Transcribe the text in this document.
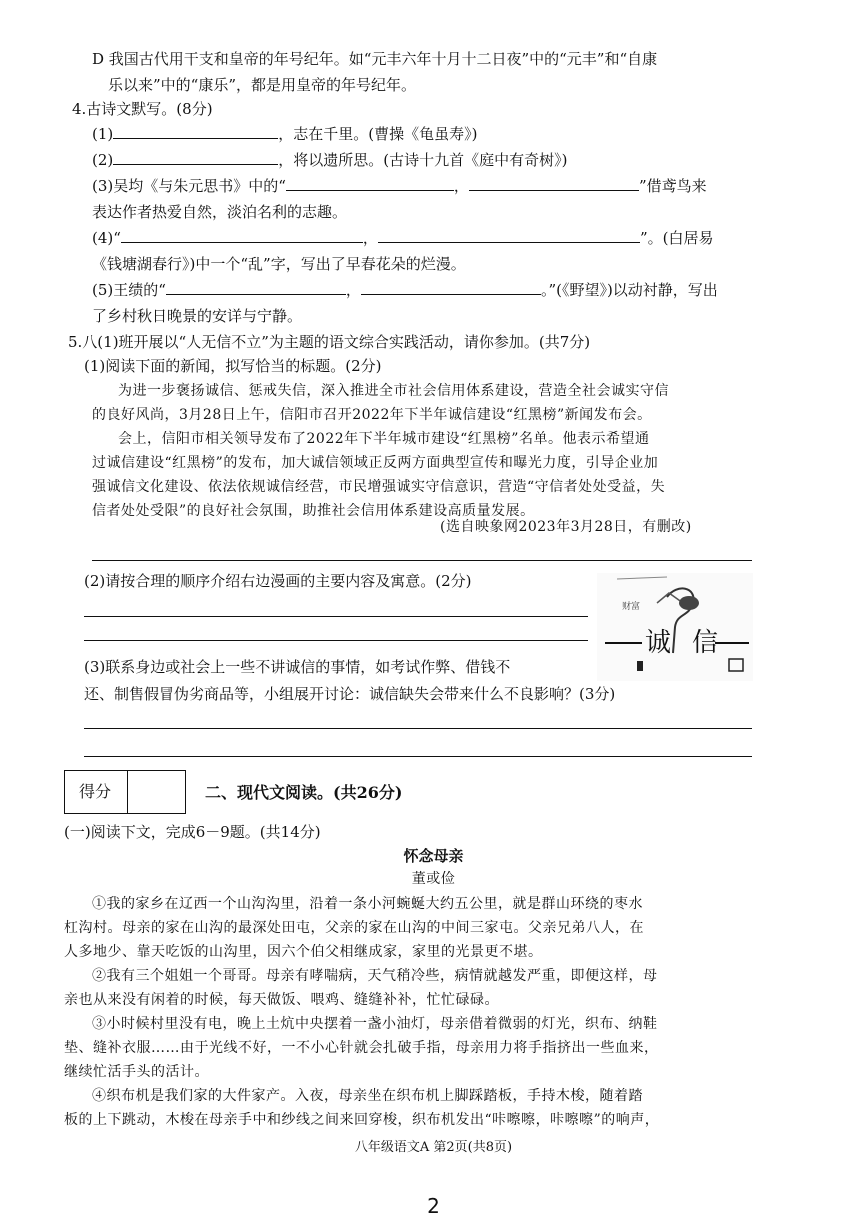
D 我国古代用干支和皇帝的年号纪年。如“元丰六年十月十二日夜”中的“元丰”和“自康
乐以来”中的“康乐”，都是用皇帝的年号纪年。
4.古诗文默写。(8分)
(1)	，志在千里。(曹操《龟虽寿》)
(2)	，将以遗所思。(古诗十九首《庭中有奇树》)
(3)吴均《与朱元思书》中的“	，	”借鸢鸟来
表达作者热爱自然，淡泊名利的志趣。
(4)“	，	”。(白居易
《钱塘湖春行》)中一个“乱”字，写出了早春花朵的烂漫。
(5)王绩的“	，	。”(《野望》)以动衬静，写出
了乡村秋日晚景的安详与宁静。
5.八(1)班开展以“人无信不立”为主题的语文综合实践活动，请你参加。(共7分)
(1)阅读下面的新闻，拟写恰当的标题。(2分)
为进一步褒扬诚信、惩戒失信，深入推进全市社会信用体系建设，营造全社会诚实守信
的良好风尚，3月28日上午，信阳市召开2022年下半年诚信建设“红黑榜”新闻发布会。
会上，信阳市相关领导发布了2022年下半年城市建设“红黑榜”名单。他表示希望通
过诚信建设“红黑榜”的发布，加大诚信领域正反两方面典型宣传和曝光力度，引导企业加
强诚信文化建设、依法依规诚信经营，市民增强诚实守信意识，营造“守信者处处受益，失
信者处处受限”的良好社会氛围，助推社会信用体系建设高质量发展。
(选自映象网2023年3月28日，有删改)
(2)请按合理的顺序介绍右边漫画的主要内容及寓意。(2分)
财富
诚 信
(3)联系身边或社会上一些不讲诚信的事情，如考试作弊、借钱不
还、制售假冒伪劣商品等，小组展开讨论：诚信缺失会带来什么不良影响？(3分)
得分	二、现代文阅读。(共26分)
(一)阅读下文，完成6－9题。(共14分)
怀念母亲
董或俭
①我的家乡在辽西一个山沟沟里，沿着一条小河蜿蜒大约五公里，就是群山环绕的枣水
杠沟村。母亲的家在山沟的最深处田屯，父亲的家在山沟的中间三家屯。父亲兄弟八人，在
人多地少、靠天吃饭的山沟里，因六个伯父相继成家，家里的光景更不堪。
②我有三个姐姐一个哥哥。母亲有哮喘病，天气稍冷些，病情就越发严重，即便这样，母
亲也从来没有闲着的时候，每天做饭、喂鸡、缝缝补补，忙忙碌碌。
③小时候村里没有电，晚上土炕中央摆着一盏小油灯，母亲借着微弱的灯光，织布、纳鞋
垫、缝补衣服……由于光线不好，一不小心针就会扎破手指，母亲用力将手指挤出一些血来，
继续忙活手头的活计。
④织布机是我们家的大件家产。入夜，母亲坐在织布机上脚踩踏板，手持木梭，随着踏
板的上下跳动，木梭在母亲手中和纱线之间来回穿梭，织布机发出“咔嚓嚓，咔嚓嚓”的响声，
八年级语文A 第2页(共8页)
2
